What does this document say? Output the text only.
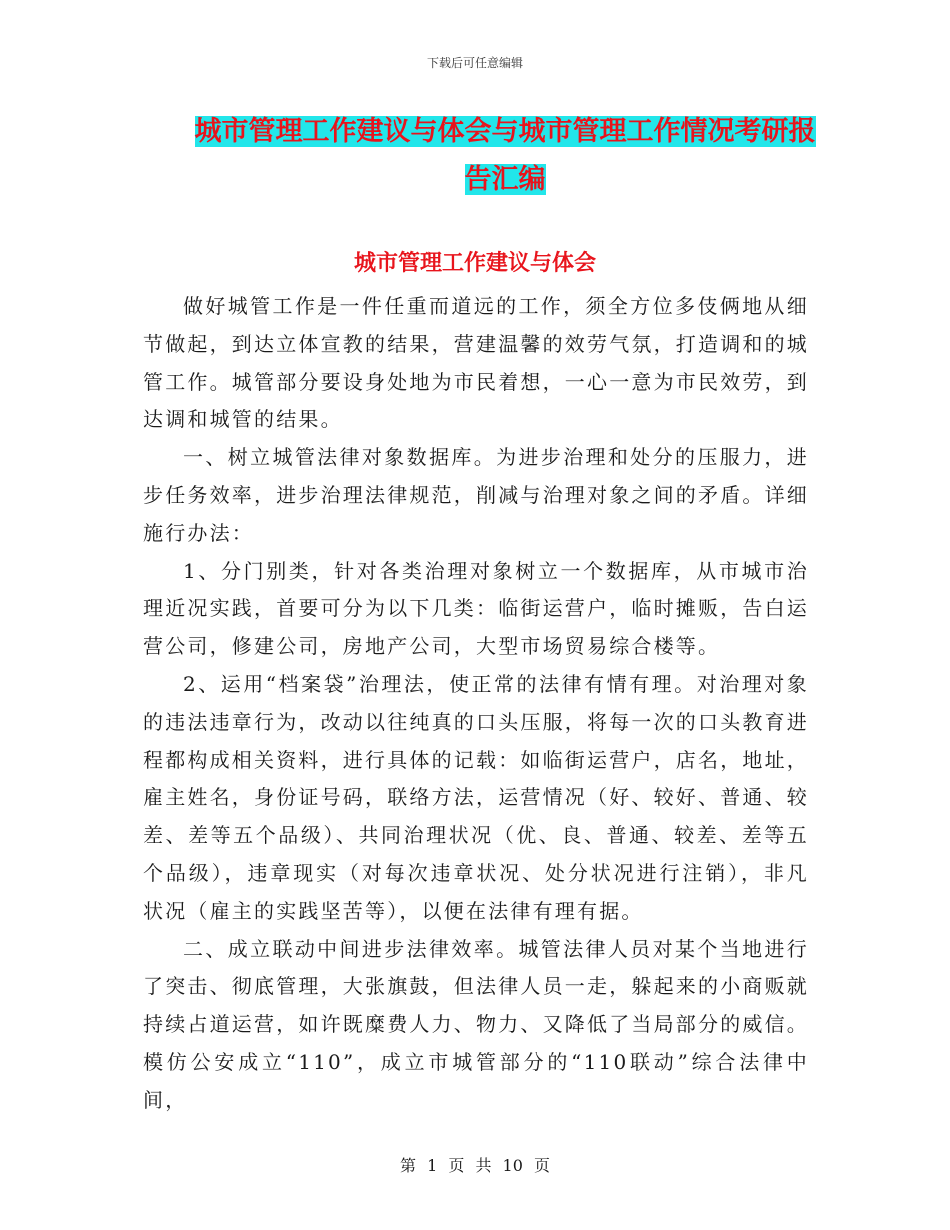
下载后可任意编辑
城市管理工作建议与体会与城市管理工作情况考研报告汇编
城市管理工作建议与体会

做好城管工作是一件任重而道远的工作，须全方位多伎俩地从细节做起，到达立体宣教的结果，营建温馨的效劳气氛，打造调和的城管工作。城管部分要设身处地为市民着想，一心一意为市民效劳，到达调和城管的结果。

一、树立城管法律对象数据库。为进步治理和处分的压服力，进步任务效率，进步治理法律规范，削减与治理对象之间的矛盾。详细施行办法：

1、分门别类，针对各类治理对象树立一个数据库，从市城市治理近况实践，首要可分为以下几类：临街运营户，临时摊贩，告白运营公司，修建公司，房地产公司，大型市场贸易综合楼等。

2、运用“档案袋”治理法，使正常的法律有情有理。对治理对象的违法违章行为，改动以往纯真的口头压服，将每一次的口头教育进程都构成相关资料，进行具体的记载：如临街运营户，店名，地址，雇主姓名，身份证号码，联络方法，运营情况（好、较好、普通、较差、差等五个品级）、共同治理状况（优、良、普通、较差、差等五个品级），违章现实（对每次违章状况、处分状况进行注销），非凡状况（雇主的实践坚苦等），以便在法律有理有据。

二、成立联动中间进步法律效率。城管法律人员对某个当地进行了突击、彻底管理，大张旗鼓，但法律人员一走，躲起来的小商贩就持续占道运营，如许既糜费人力、物力、又降低了当局部分的威信。模仿公安成立“110”，成立市城管部分的“110联动”综合法律中间，

第 1 页 共 10 页
